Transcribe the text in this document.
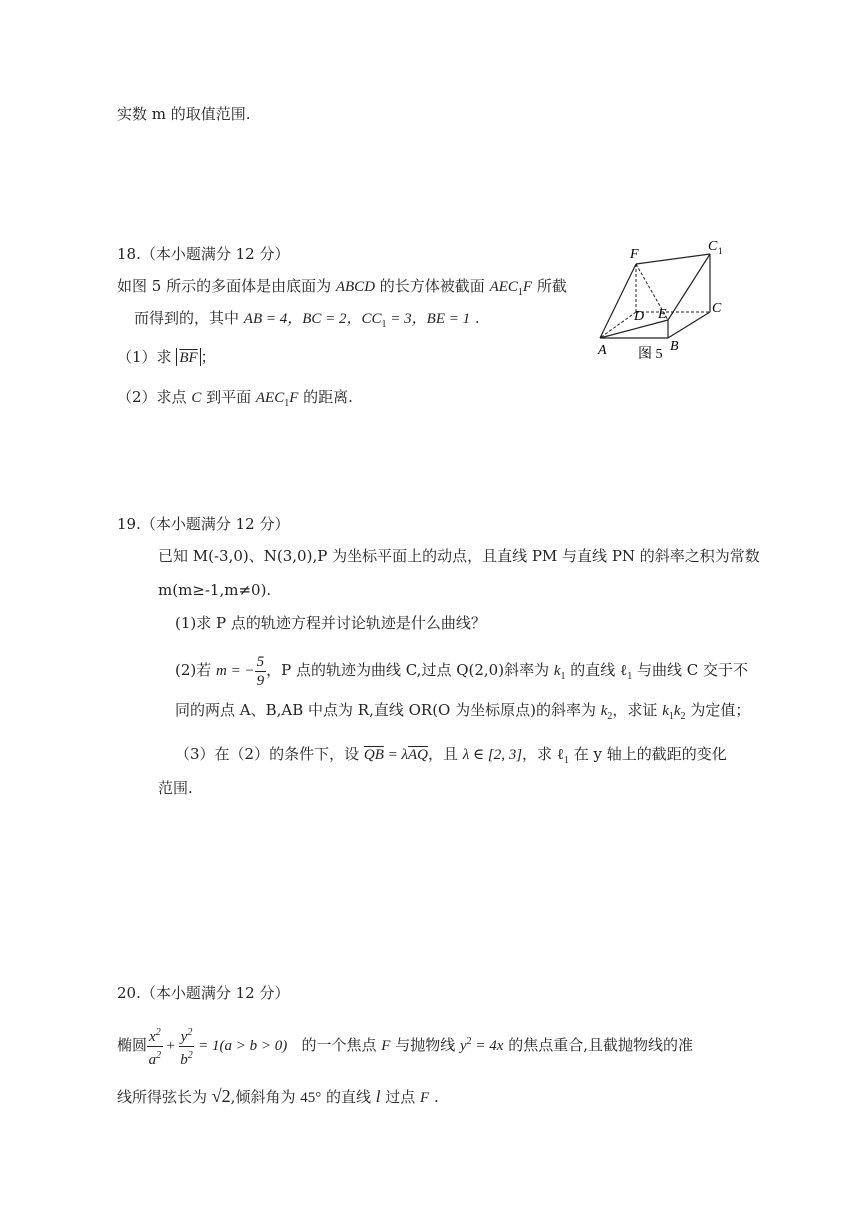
实数 m 的取值范围.
18.（本小题满分 12 分）
如图 5 所示的多面体是由底面为 ABCD 的长方体被截面 $AEC_1F$ 所截
而得到的，其中 AB = 4，BC = 2，$CC_1 = 3$，BE = 1 .
（1）求 $\overline{BF}$ ；
（2）求点 C 到平面 $AEC_1F$ 的距离.
F
C 1
D E	C
A	B
图 5
19.（本小题满分 12 分）
已知 M(-3,0)、N(3,0),P 为坐标平面上的动点，且直线 PM 与直线 PN 的斜率之积为常数
m(m≥-1,m≠0).
(1)求 P 点的轨迹方程并讨论轨迹是什么曲线？
(2)若 m = − $\frac{5}{9}$ ，P 点的轨迹为曲线 C,过点 Q(2,0)斜率为 $k_1$ 的直线 ℓ$_1$ 与曲线 C 交于不
同的两点 A、B,AB 中点为 R,直线 OR(O 为坐标原点)的斜率为 $k_2$，求证 $k_1k_2$ 为定值；
（3）在（2）的条件下，设 $\overline{QB} = \lambda\overline{AQ}$，且 λ ∈ [2, 3]，求 ℓ$_1$ 在 y 轴上的截距的变化
范围.
20.（本小题满分 12 分）
椭圆 $\frac{x^2}{a^2} + \frac{y^2}{b^2} = 1(a > b > 0)$ 的一个焦点 F 与抛物线 $y^2 = 4x$ 的焦点重合,且截抛物线的准
线所得弦长为 √2,倾斜角为 45° 的直线 l 过点 F .
